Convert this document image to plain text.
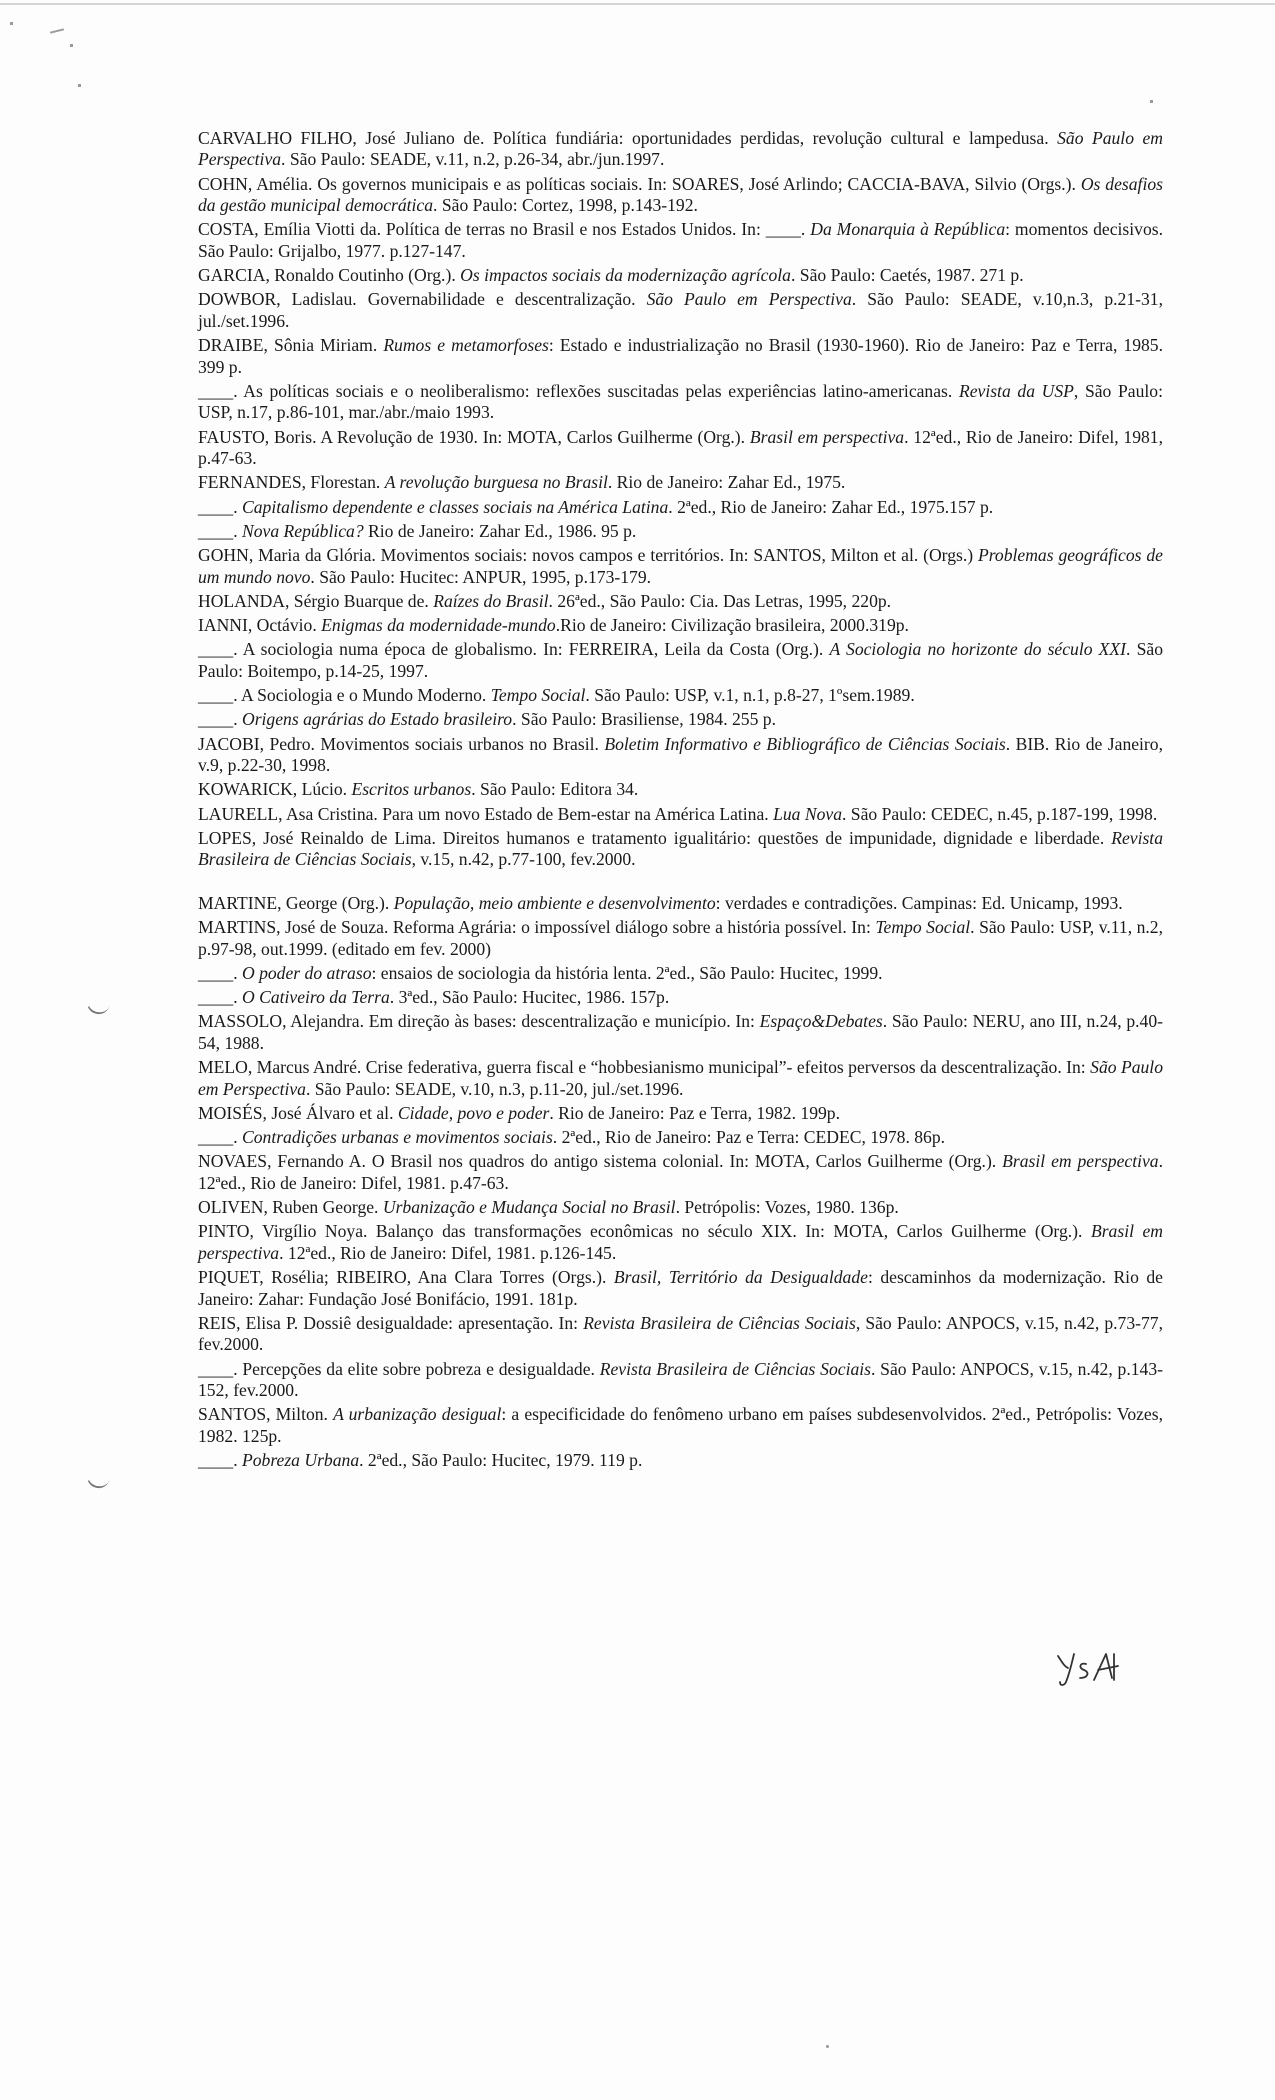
CARVALHO FILHO, José Juliano de. Política fundiária: oportunidades perdidas, revolução cultural e lampedusa. São Paulo em Perspectiva. São Paulo: SEADE, v.11, n.2, p.26-34, abr./jun.1997.

COHN, Amélia. Os governos municipais e as políticas sociais. In: SOARES, José Arlindo; CACCIA-BAVA, Silvio (Orgs.). Os desafios da gestão municipal democrática. São Paulo: Cortez, 1998, p.143-192.

COSTA, Emília Viotti da. Política de terras no Brasil e nos Estados Unidos. In: ____. Da Monarquia à República: momentos decisivos. São Paulo: Grijalbo, 1977. p.127-147.

GARCIA, Ronaldo Coutinho (Org.). Os impactos sociais da modernização agrícola. São Paulo: Caetés, 1987. 271 p.

DOWBOR, Ladislau. Governabilidade e descentralização. São Paulo em Perspectiva. São Paulo: SEADE, v.10,n.3, p.21-31, jul./set.1996.

DRAIBE, Sônia Miriam. Rumos e metamorfoses: Estado e industrialização no Brasil (1930-1960). Rio de Janeiro: Paz e Terra, 1985. 399 p.

____. As políticas sociais e o neoliberalismo: reflexões suscitadas pelas experiências latino-americanas. Revista da USP, São Paulo: USP, n.17, p.86-101, mar./abr./maio 1993.

FAUSTO, Boris. A Revolução de 1930. In: MOTA, Carlos Guilherme (Org.). Brasil em perspectiva. 12ªed., Rio de Janeiro: Difel, 1981, p.47-63.

FERNANDES, Florestan. A revolução burguesa no Brasil. Rio de Janeiro: Zahar Ed., 1975.

____. Capitalismo dependente e classes sociais na América Latina. 2ªed., Rio de Janeiro: Zahar Ed., 1975.157 p.

____. Nova República? Rio de Janeiro: Zahar Ed., 1986. 95 p.

GOHN, Maria da Glória. Movimentos sociais: novos campos e territórios. In: SANTOS, Milton et al. (Orgs.) Problemas geográficos de um mundo novo. São Paulo: Hucitec: ANPUR, 1995, p.173-179.

HOLANDA, Sérgio Buarque de. Raízes do Brasil. 26ªed., São Paulo: Cia. Das Letras, 1995, 220p.

IANNI, Octávio. Enigmas da modernidade-mundo.Rio de Janeiro: Civilização brasileira, 2000.319p.

____. A sociologia numa época de globalismo. In: FERREIRA, Leila da Costa (Org.). A Sociologia no horizonte do século XXI. São Paulo: Boitempo, p.14-25, 1997.

____. A Sociologia e o Mundo Moderno. Tempo Social. São Paulo: USP, v.1, n.1, p.8-27, 1ºsem.1989.

____. Origens agrárias do Estado brasileiro. São Paulo: Brasiliense, 1984. 255 p.

JACOBI, Pedro. Movimentos sociais urbanos no Brasil. Boletim Informativo e Bibliográfico de Ciências Sociais. BIB. Rio de Janeiro, v.9, p.22-30, 1998.

KOWARICK, Lúcio. Escritos urbanos. São Paulo: Editora 34.

LAURELL, Asa Cristina. Para um novo Estado de Bem-estar na América Latina. Lua Nova. São Paulo: CEDEC, n.45, p.187-199, 1998.

LOPES, José Reinaldo de Lima. Direitos humanos e tratamento igualitário: questões de impunidade, dignidade e liberdade. Revista Brasileira de Ciências Sociais, v.15, n.42, p.77-100, fev.2000.

MARTINE, George (Org.). População, meio ambiente e desenvolvimento: verdades e contradições. Campinas: Ed. Unicamp, 1993.

MARTINS, José de Souza. Reforma Agrária: o impossível diálogo sobre a história possível. In: Tempo Social. São Paulo: USP, v.11, n.2, p.97-98, out.1999. (editado em fev. 2000)

____. O poder do atraso: ensaios de sociologia da história lenta. 2ªed., São Paulo: Hucitec, 1999.

____. O Cativeiro da Terra. 3ªed., São Paulo: Hucitec, 1986. 157p.

MASSOLO, Alejandra. Em direção às bases: descentralização e município. In: Espaço&Debates. São Paulo: NERU, ano III, n.24, p.40-54, 1988.

MELO, Marcus André. Crise federativa, guerra fiscal e “hobbesianismo municipal”- efeitos perversos da descentralização. In: São Paulo em Perspectiva. São Paulo: SEADE, v.10, n.3, p.11-20, jul./set.1996.

MOISÉS, José Álvaro et al. Cidade, povo e poder. Rio de Janeiro: Paz e Terra, 1982. 199p.

____. Contradições urbanas e movimentos sociais. 2ªed., Rio de Janeiro: Paz e Terra: CEDEC, 1978. 86p.

NOVAES, Fernando A. O Brasil nos quadros do antigo sistema colonial. In: MOTA, Carlos Guilherme (Org.). Brasil em perspectiva. 12ªed., Rio de Janeiro: Difel, 1981. p.47-63.

OLIVEN, Ruben George. Urbanização e Mudança Social no Brasil. Petrópolis: Vozes, 1980. 136p.

PINTO, Virgílio Noya. Balanço das transformações econômicas no século XIX. In: MOTA, Carlos Guilherme (Org.). Brasil em perspectiva. 12ªed., Rio de Janeiro: Difel, 1981. p.126-145.

PIQUET, Rosélia; RIBEIRO, Ana Clara Torres (Orgs.). Brasil, Território da Desigualdade: descaminhos da modernização. Rio de Janeiro: Zahar: Fundação José Bonifácio, 1991. 181p.

REIS, Elisa P. Dossiê desigualdade: apresentação. In: Revista Brasileira de Ciências Sociais, São Paulo: ANPOCS, v.15, n.42, p.73-77, fev.2000.

____. Percepções da elite sobre pobreza e desigualdade. Revista Brasileira de Ciências Sociais. São Paulo: ANPOCS, v.15, n.42, p.143-152, fev.2000.

SANTOS, Milton. A urbanização desigual: a especificidade do fenômeno urbano em países subdesenvolvidos. 2ªed., Petrópolis: Vozes, 1982. 125p.

____. Pobreza Urbana. 2ªed., São Paulo: Hucitec, 1979. 119 p.
